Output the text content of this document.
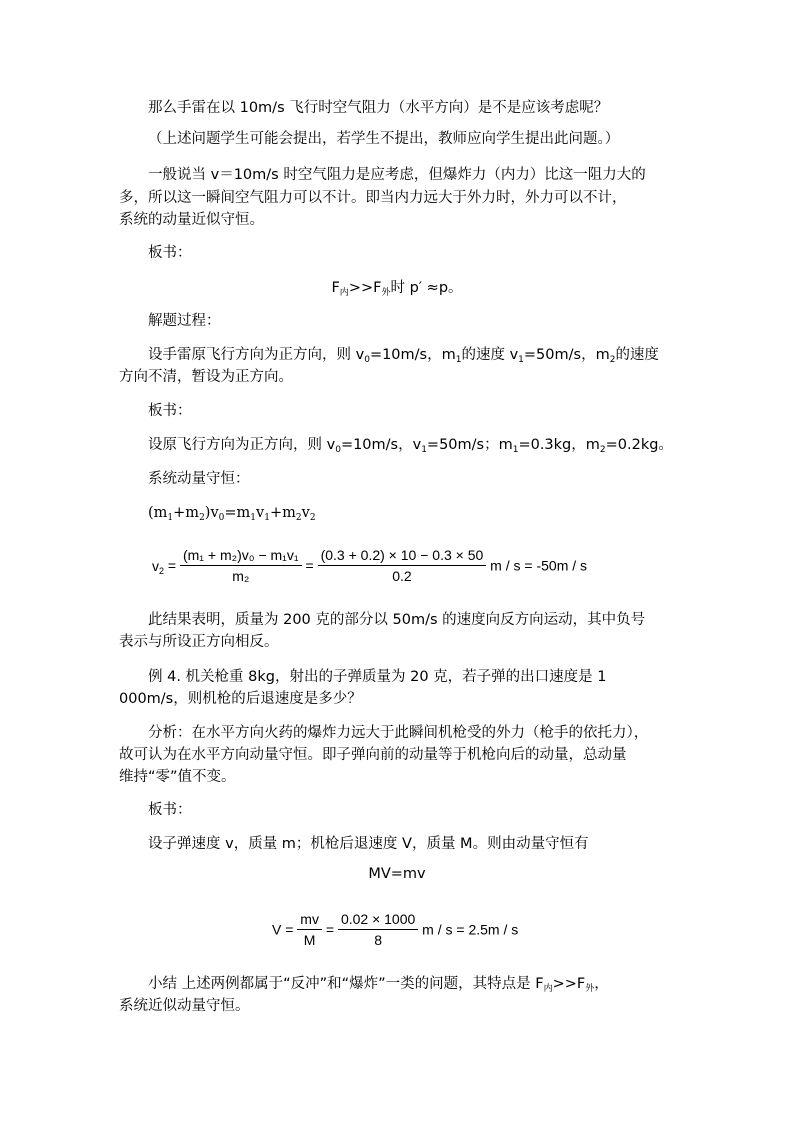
那么手雷在以 10m/s 飞行时空气阻力（水平方向）是不是应该考虑呢？
（上述问题学生可能会提出，若学生不提出，教师应向学生提出此问题。）
一般说当 v＝10m/s 时空气阻力是应考虑，但爆炸力（内力）比这一阻力大的
多，所以这一瞬间空气阻力可以不计。即当内力远大于外力时，外力可以不计，
系统的动量近似守恒。
板书：
$F_内>>F_外$时 p′ ≈p。
解题过程：
设手雷原飞行方向为正方向，则 $v_0=10m/s$，$m_1$的速度 $v_1=50m/s$，$m_2$的速度
方向不清，暂设为正方向。
板书：
设原飞行方向为正方向，则 $v_0=10m/s$，$v_1=50m/s$；$m_1=0.3kg$，$m_2=0.2kg$。
系统动量守恒：
$(m_1+m_2)v_0=m_1v_1+m_2v_2$
$v_2 = \frac{\text{(m₁ + m₂)v₀ − m₁v₁}}{\text{m₂}} = \frac{(0.3 + 0.2) \times 10 - 0.3 \times 50}{0.2}$ m / s = -50m / s
此结果表明，质量为 200 克的部分以 50m/s 的速度向反方向运动，其中负号
表示与所设正方向相反。
例 4. 机关枪重 8kg，射出的子弹质量为 20 克，若子弹的出口速度是 1
000m/s，则机枪的后退速度是多少？
分析：在水平方向火药的爆炸力远大于此瞬间机枪受的外力（枪手的依托力），
故可认为在水平方向动量守恒。即子弹向前的动量等于机枪向后的动量，总动量
维持“零”值不变。
板书：
设子弹速度 v，质量 m；机枪后退速度 V，质量 M。则由动量守恒有
MV=mv
$V = \frac{mv}{M} = \frac{0.02 \times 1000}{8}$ m / s = 2.5m / s
小结 上述两例都属于“反冲”和“爆炸”一类的问题，其特点是 $F_内>>F_外$，
系统近似动量守恒。
